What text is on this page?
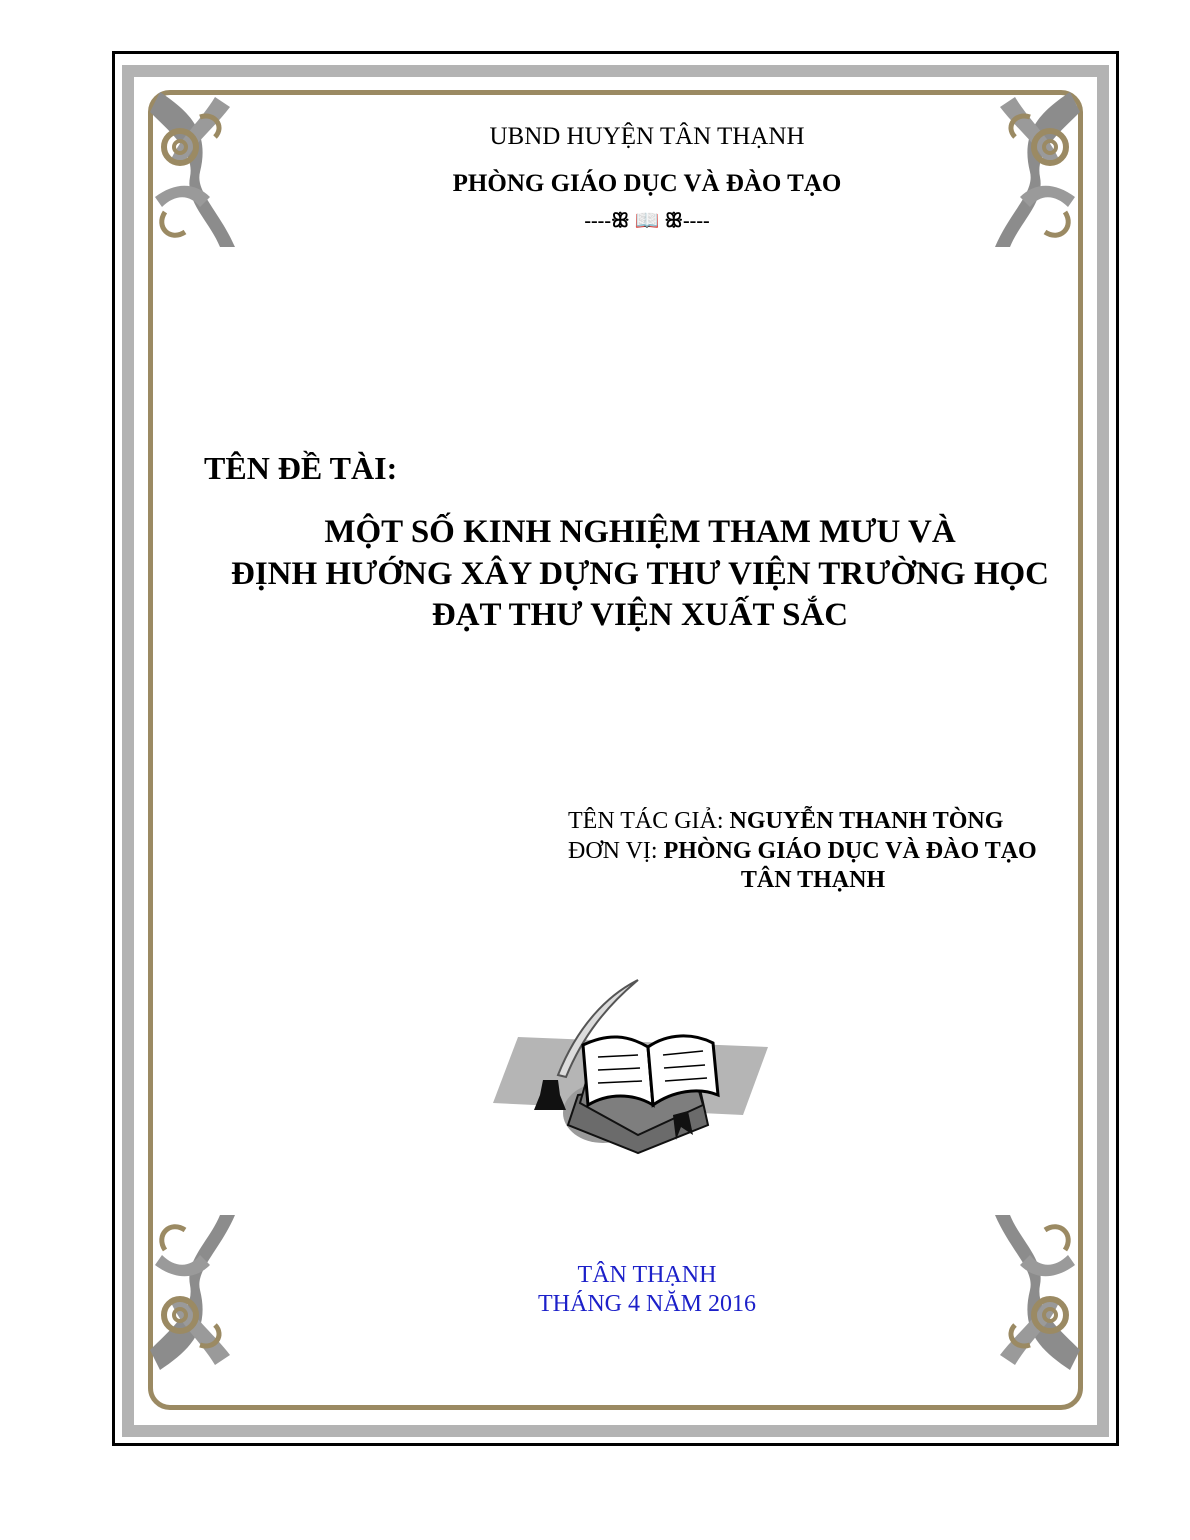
UBND HUYỆN TÂN THẠNH
PHÒNG GIÁO DỤC VÀ ĐÀO TẠO
----ꕥ 📖 ꕥ----
TÊN ĐỀ TÀI:
MỘT SỐ KINH NGHIỆM THAM MƯU VÀ
ĐỊNH HƯỚNG XÂY DỰNG THƯ VIỆN TRƯỜNG HỌC
ĐẠT THƯ VIỆN XUẤT SẮC
TÊN TÁC GIẢ: NGUYỄN THANH TÒNG
ĐƠN VỊ: PHÒNG GIÁO DỤC VÀ ĐÀO TẠO
TÂN THẠNH
TÂN THẠNH
THÁNG 4 NĂM 2016
